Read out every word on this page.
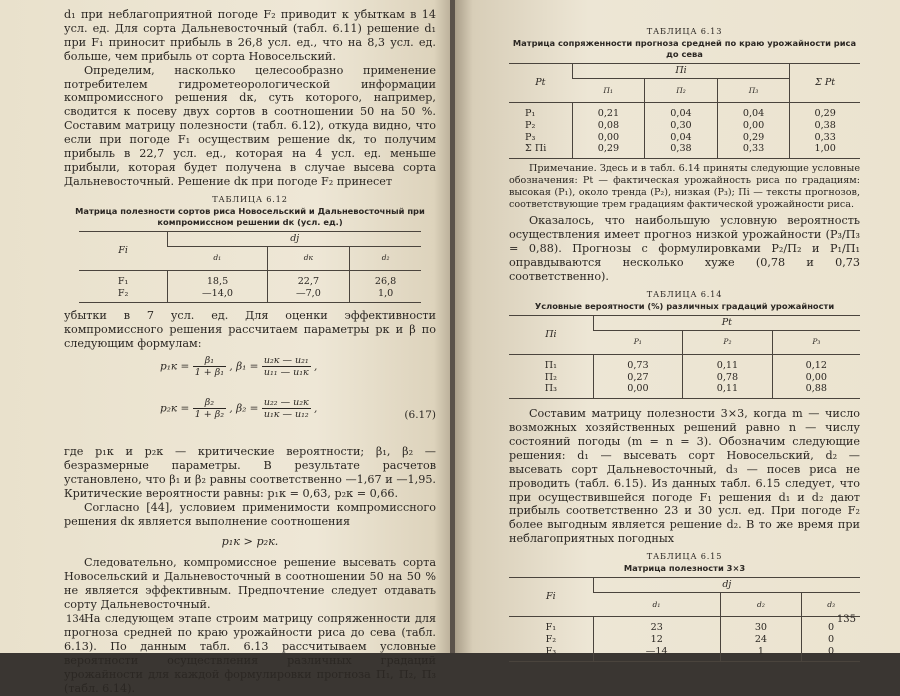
d₁ при неблагоприятной погоде F₂ приводит к убыткам в 14 усл. ед. Для сорта Дальневосточный (табл. 6.11) решение d₁ при F₁ приносит прибыль в 26,8 усл. ед., что на 8,3 усл. ед. больше, чем прибыль от сорта Новосельский.

Определим, насколько целесообразно применение потребителем гидрометеорологической информации компромиссного решения dк, суть которого, например, сводится к посеву двух сортов в соотношении 50 на 50 %. Составим матрицу полезности (табл. 6.12), откуда видно, что если при погоде F₁ осуществим решение dк, то получим прибыль в 22,7 усл. ед., которая на 4 усл. ед. меньше прибыли, которая будет получена в случае высева сорта Дальневосточный. Решение dк при погоде F₂ принесет

ТАБЛИЦА 6.12
Матрица полезности сортов риса Новосельский и Дальневосточный при компромиссном решении dк (усл. ед.)
Fi	dj		
	d₁	dк	d₂
F₁	18,5	22,7	26,8
F₂	—14,0	—7,0	1,0

убытки в 7 усл. ед. Для оценки эффективности компромиссного решения рассчитаем параметры pк и β по следующим формулам:

$p_1к = \frac{\text{β₁}}{\text{1 + β₁}}$ , $\beta_1 = \frac{\text{u₂к — u₂₁}}{\text{u₁₁ — u₁к}}$ ,
$p_2к = \frac{\text{β₂}}{\text{1 + β₂}}$ , $\beta_2 = \frac{\text{u₂₂ — u₂к}}{\text{u₁к — u₁₂}}$ ,
(6.17)

где p₁к и p₂к — критические вероятности; β₁, β₂ — безразмерные параметры. В результате расчетов установлено, что β₁ и β₂ равны соответственно —1,67 и —1,95. Критические вероятности равны: p₁к = 0,63, p₂к = 0,66.

Согласно [44], условием применимости компромиссного решения dк является выполнение соотношения

p₁к > p₂к.

Следовательно, компромиссное решение высевать сорта Новосельский и Дальневосточный в соотношении 50 на 50 % не является эффективным. Предпочтение следует отдавать сорту Дальневосточный.

На следующем этапе строим матрицу сопряженности для прогноза средней по краю урожайности риса до сева (табл. 6.13). По данным табл. 6.13 рассчитываем условные вероятности осуществления различных градаций урожайности для каждой формулировки прогноза П₁, П₂, П₃ (табл. 6.14).

134
ТАБЛИЦА 6.13
Матрица сопряженности прогноза средней по краю урожайности риса до сева
Pt	Пi			Σ Pt
	П₁	П₂	П₃	
P₁	0,21	0,04	0,04	0,29
P₂	0,08	0,30	0,00	0,38
P₃	0,00	0,04	0,29	0,33
Σ Пi	0,29	0,38	0,33	1,00

Примечание. Здесь и в табл. 6.14 приняты следующие условные обозначения: Pt — фактическая урожайность риса по градациям: высокая (P₁), около тренда (P₂), низкая (P₃); Пi — тексты прогнозов, соответствующие трем градациям фактической урожайности риса.

Оказалось, что наибольшую условную вероятность осуществления имеет прогноз низкой урожайности (P₃/П₃ = 0,88). Прогнозы с формулировками P₂/П₂ и P₁/П₁ оправдываются несколько хуже (0,78 и 0,73 соответственно).

ТАБЛИЦА 6.14
Условные вероятности (%) различных градаций урожайности
Пi	Pt		
	P₁	P₂	P₃
П₁	0,73	0,11	0,12
П₂	0,27	0,78	0,00
П₃	0,00	0,11	0,88

Составим матрицу полезности 3×3, когда m — число возможных хозяйственных решений равно n — числу состояний погоды (m = n = 3). Обозначим следующие решения: d₁ — высевать сорт Новосельский, d₂ — высевать сорт Дальневосточный, d₃ — посев риса не проводить (табл. 6.15). Из данных табл. 6.15 следует, что при осуществившейся погоде F₁ решения d₁ и d₂ дают прибыль соответственно 23 и 30 усл. ед. При погоде F₂ более выгодным является решение d₂. В то же время при неблагоприятных погодных

ТАБЛИЦА 6.15
Матрица полезности 3×3
Fi	dj		
	d₁	d₂	d₃
F₁	23	30	0
F₂	12	24	0
F₃	—14	1	0
135
